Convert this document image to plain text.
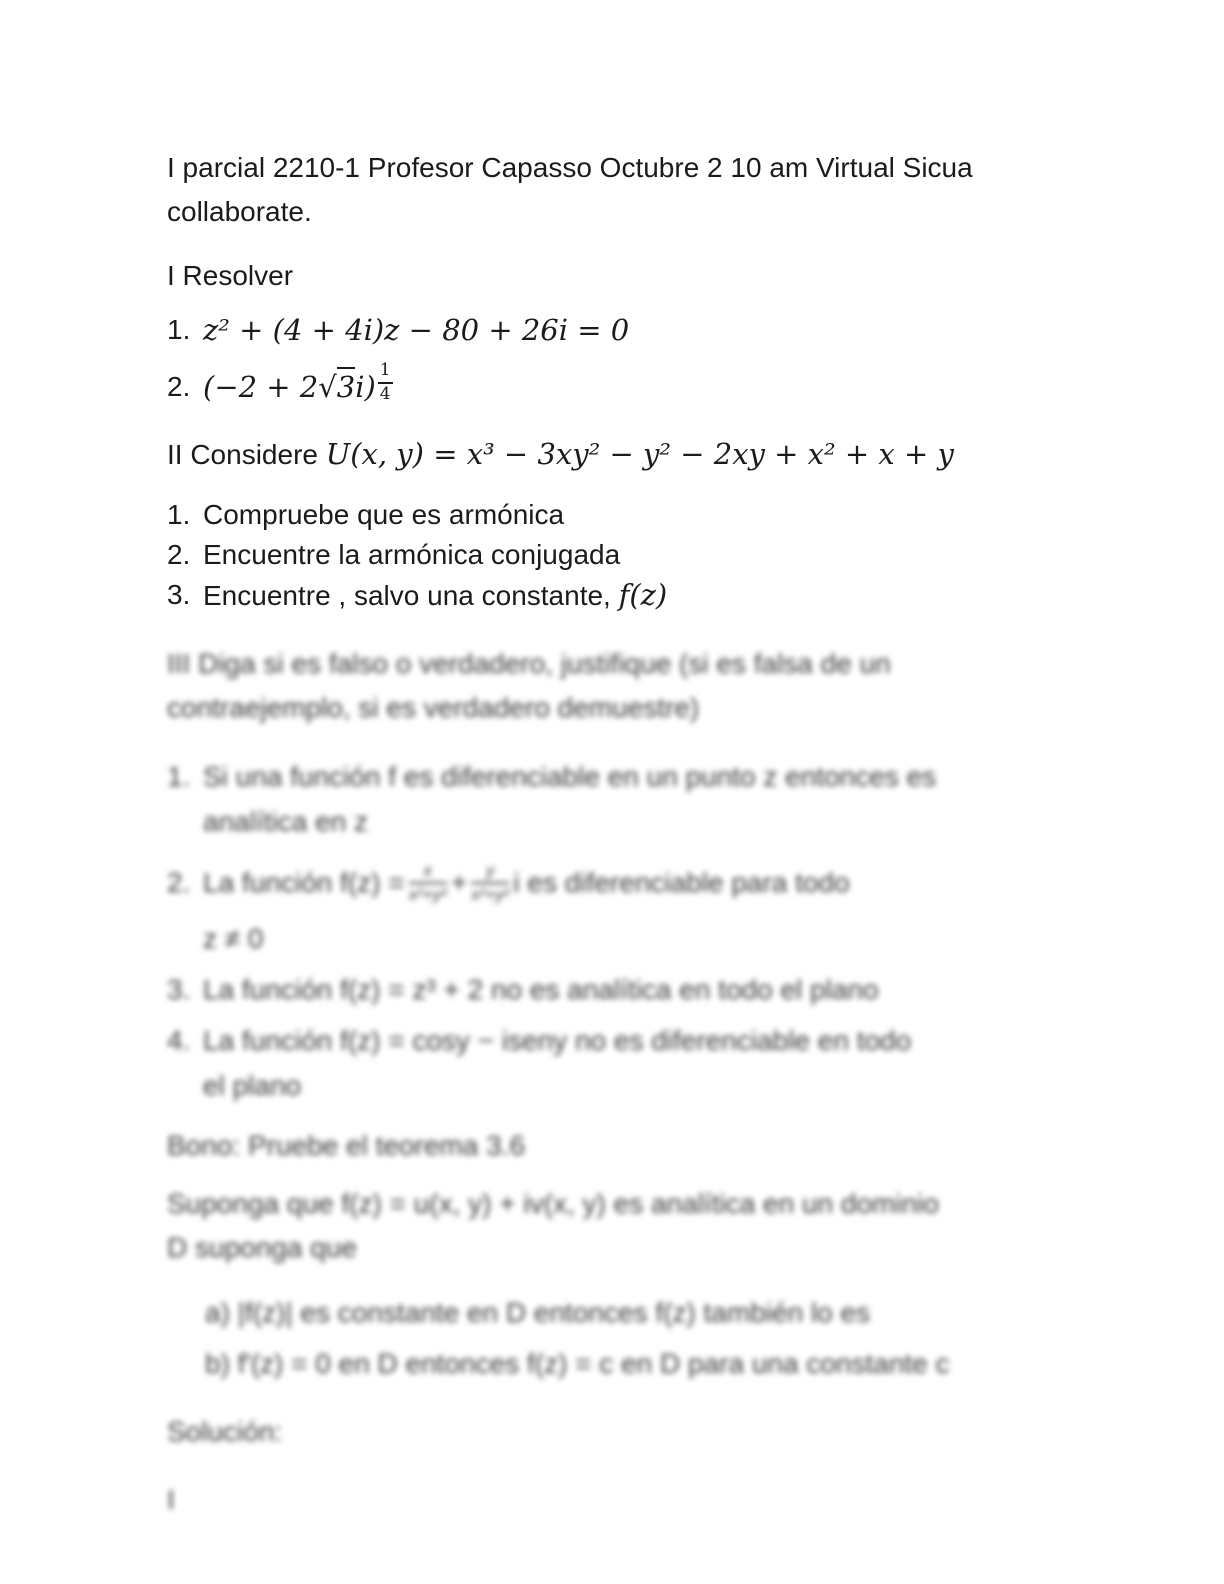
I parcial 2210-1 Profesor Capasso Octubre 2 10 am Virtual Sicua
collaborate.
I Resolver
1. z² + (4 + 4i)z − 80 + 26i = 0
2. $(-2 + 2√3i) \frac{1}{4}$
II Considere U(x, y) = x³ − 3xy² − y² − 2xy + x² + x + y
1. Compruebe que es armónica
2. Encuentre la armónica conjugada
3. Encuentre , salvo una constante, f(z)
III Diga si es falso o verdadero, justifique (si es falsa de un
contraejemplo, si es verdadero demuestre)
1. Si una función f es diferenciable en un punto z entonces es
analítica en z
2. La función $f(z) = \frac{x}{\text{x²+y²}} + \frac{y}{\text{x²+y²}}$ i es diferenciable para todo
z ≠ 0
3. La función f(z) = z³ + 2 no es analítica en todo el plano
4. La función f(z) = cosy − iseny no es diferenciable en todo
el plano
Bono: Pruebe el teorema 3.6
Suponga que f(z) = u(x, y) + iv(x, y) es analítica en un dominio
D suponga que
a) |f(z)| es constante en D entonces f(z) también lo es
b) f′(z) = 0 en D entonces f(z) = c en D para una constante c
Solución:
I
